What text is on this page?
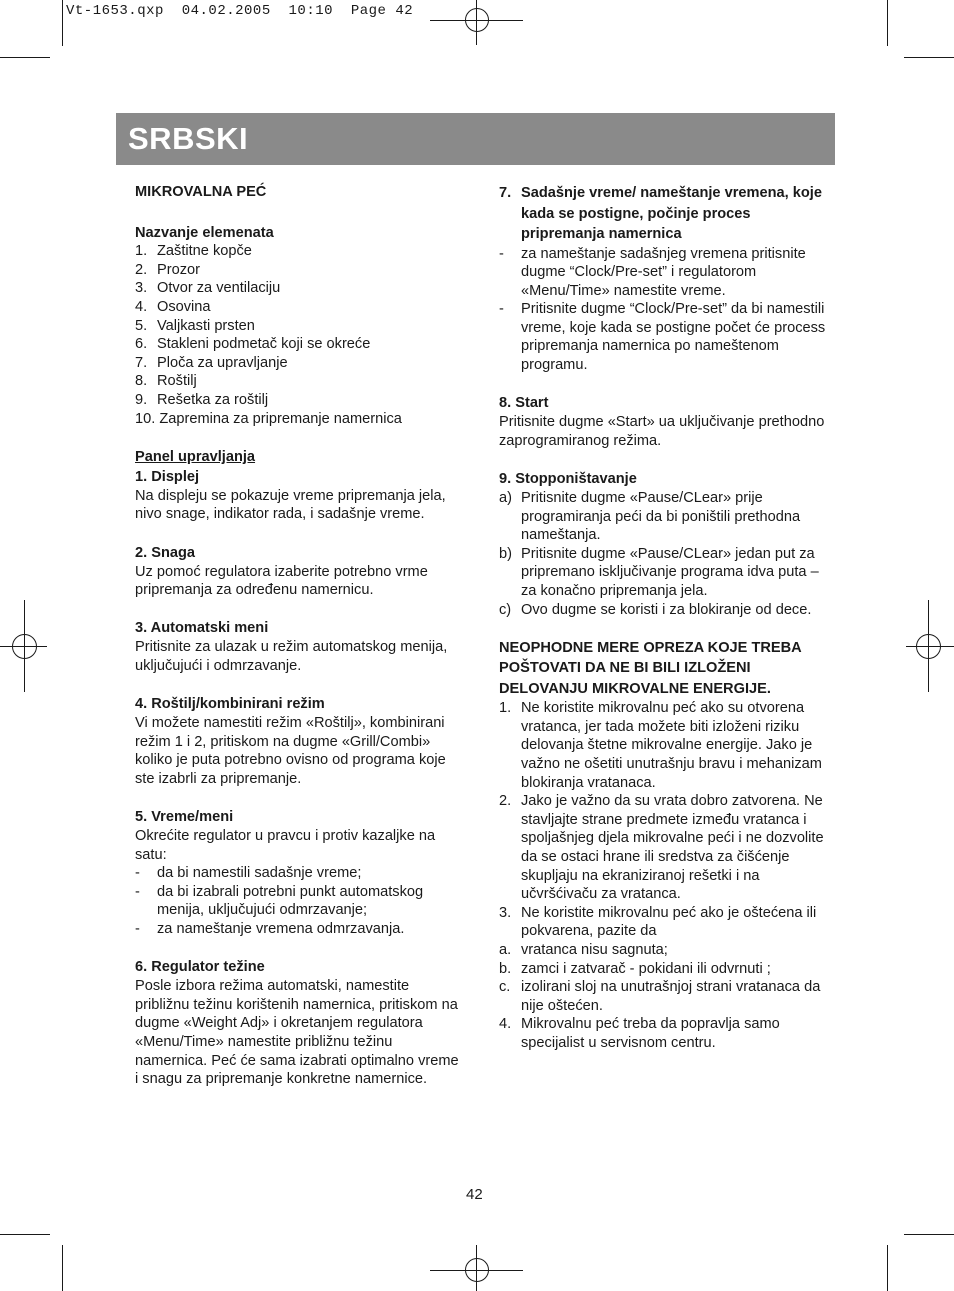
Vt-1653.qxp  04.02.2005  10:10  Page 42
SRBSKI
MIKROVALNA PEĆ
Nazvanje elemenata
1. Zaštitne kopče
2. Prozor
3. Otvor za ventilaciju
4. Osovina
5. Valjkasti prsten
6. Stakleni podmetač koji se okreće
7. Ploča za upravljanje
8. Roštilj
9. Rešetka za roštilj
10. Zapremina za pripremanje namernica
Panel upravljanja
1. Displej
Na displeju se pokazuje vreme pripremanja jela, nivo snage, indikator rada, i sadašnje vreme.
2. Snaga
Uz pomoć regulatora izaberite potrebno vrme pripremanja za određenu namernicu.
3. Automatski meni
Pritisnite za ulazak u režim automatskog menija, uključujući i odmrzavanje.
4. Roštilj/kombinirani režim
Vi možete namestiti režim «Roštilj», kombinirani režim 1 i 2, pritiskom na dugme «Grill/Combi» koliko je puta potrebno ovisno od programa koje ste izabrli za pripremanje.
5. Vreme/meni
Okrećite regulator u pravcu i protiv kazaljke na satu:
- da bi namestili sadašnje vreme;
- da bi izabrali potrebni punkt automatskog menija, uključujući odmrzavanje;
- za nameštanje vremena odmrzavanja.
6. Regulator težine
Posle izbora režima automatski, namestite približnu težinu korištenih namernica, pritiskom na dugme «Weight Adj» i okretanjem regulatora «Menu/Time» namestite približnu težinu namernica. Peć će sama izabrati optimalno vreme i snagu za pripremanje konkretne namernice.
7. Sadašnje vreme/ nameštanje vremena, koje kada se postigne, počinje proces pripremanja namernica
- za nameštanje sadašnjeg vremena pritisnite dugme “Clock/Pre-set” i regulatorom «Menu/Time» namestite vreme.
- Pritisnite dugme “Clock/Pre-set” da bi namestili vreme, koje kada se postigne počet će process pripremanja namernica po nameštenom programu.
8. Start
Pritisnite dugme «Start» ua uključivanje prethodno zaprogramiranog režima.
9. Stopponištavanje
a) Pritisnite dugme «Pause/CLear» prije programiranja peći da bi poništili prethodna nameštanja.
b) Pritisnite dugme «Pause/CLear» jedan put za pripremano isključivanje programa idva puta – za konačno pripremanja jela.
c) Ovo dugme se koristi i za blokiranje od dece.
NEOPHODNE MERE OPREZA KOJE TREBA POŠTOVATI DA NE BI BILI IZLOŽENI DELOVANJU MIKROVALNE ENERGIJE.
1. Ne koristite mikrovalnu peć ako su otvorena vratanca, jer tada možete biti izloženi riziku delovanja štetne mikrovalne energije. Jako je važno ne ošetiti unutrašnju bravu i mehanizam blokiranja vratanaca.
2. Jako je važno da su vrata dobro zatvorena. Ne stavljajte strane predmete između vratanca i spoljašnjeg djela mikrovalne peći i ne dozvolite da se ostaci hrane ili sredstva za čišćenje skupljaju na ekraniziranoj rešetki i na učvršćivaču za vratanca.
3. Ne koristite mikrovalnu peć ako je oštećena ili pokvarena, pazite da
a. vratanca nisu sagnuta;
b. zamci i zatvarač - pokidani ili odvrnuti ;
c. izolirani sloj na unutrašnjoj strani vratanaca da nije oštećen.
4. Mikrovalnu peć treba da popravlja samo specijalist u servisnom centru.
42
